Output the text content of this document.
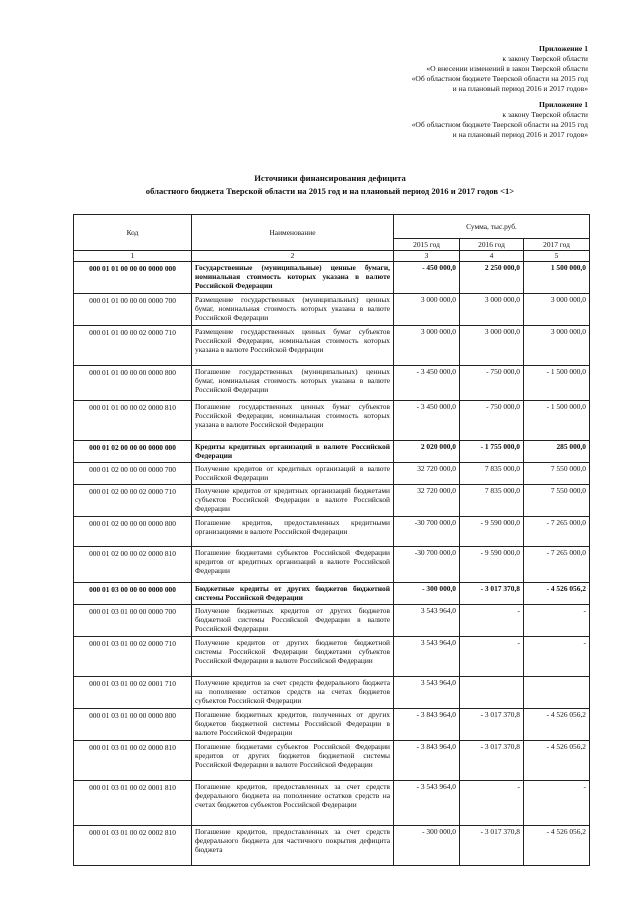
Приложение 1
к закону Тверской области
«О внесении изменений в закон Тверской области
«Об областном бюджете Тверской области на 2015 год
и на плановый период 2016 и 2017 годов»
Приложение 1
к закону Тверской области
«Об областном бюджете Тверской области на 2015 год
и на плановый период 2016 и 2017 годов»
Источники финансирования дефицита
областного бюджета Тверской области на 2015 год и на плановый период 2016 и 2017 годов <1>
Код	Наименование	Сумма, тыс.руб.		
		2015 год	2016 год	2017 год
1	2	3	4	5
000 01 01 00 00 00 0000 000	Государственные (муниципальные) ценные бумаги, номинальная стоимость которых указана в валюте Российской Федерации	- 450 000,0	2 250 000,0	1 500 000,0
000 01 01 00 00 00 0000 700	Размещение государственных (муниципальных) ценных бумаг, номинальная стоимость которых указана в валюте Российской Федерации	3 000 000,0	3 000 000,0	3 000 000,0
000 01 01 00 00 02 0000 710	Размещение государственных ценных бумаг субъектов Российской Федерации, номинальная стоимость которых указана в валюте Российской Федерации	3 000 000,0	3 000 000,0	3 000 000,0
000 01 01 00 00 00 0000 800	Погашение государственных (муниципальных) ценных бумаг, номинальная стоимость которых указана в валюте Российской Федерации	- 3 450 000,0	- 750 000,0	- 1 500 000,0
000 01 01 00 00 02 0000 810	Погашение государственных ценных бумаг субъектов Российской Федерации, номинальная стоимость которых указана в валюте Российской Федерации	- 3 450 000,0	- 750 000,0	- 1 500 000,0
000 01 02 00 00 00 0000 000	Кредиты кредитных организаций в валюте Российской Федерации	2 020 000,0	- 1 755 000,0	285 000,0
000 01 02 00 00 00 0000 700	Получение кредитов от кредитных организаций в валюте Российской Федерации	32 720 000,0	7 835 000,0	7 550 000,0
000 01 02 00 00 02 0000 710	Получение кредитов от кредитных организаций бюджетами субъектов Российской Федерации в валюте Российской Федерации	32 720 000,0	7 835 000,0	7 550 000,0
000 01 02 00 00 00 0000 800	Погашение кредитов, предоставленных кредитными организациями в валюте Российской Федерации	-30 700 000,0	- 9 590 000,0	- 7 265 000,0
000 01 02 00 00 02 0000 810	Погашение бюджетами субъектов Российской Федерации кредитов от кредитных организаций в валюте Российской Федерации	-30 700 000,0	- 9 590 000,0	- 7 265 000,0
000 01 03 00 00 00 0000 000	Бюджетные кредиты от других бюджетов бюджетной системы Российской Федерации	- 300 000,0	- 3 017 370,8	- 4 526 056,2
000 01 03 01 00 00 0000 700	Получение бюджетных кредитов от других бюджетов бюджетной системы Российской Федерации в валюте Российской Федерации	3 543 964,0	-	-
000 01 03 01 00 02 0000 710	Получение кредитов от других бюджетов бюджетной системы Российской Федерации бюджетами субъектов Российской Федерации в валюте Российской Федерации	3 543 964,0	-	-
000 01 03 01 00 02 0001 710	Получение кредитов за счет средств федерального бюджета на пополнение остатков средств на счетах бюджетов субъектов Российской Федерации	3 543 964,0		
000 01 03 01 00 00 0000 800	Погашение бюджетных кредитов, полученных от других бюджетов бюджетной системы Российской Федерации в валюте Российской Федерации	- 3 843 964,0	- 3 017 370,8	- 4 526 056,2
000 01 03 01 00 02 0000 810	Погашение бюджетами субъектов Российской Федерации кредитов от других бюджетов бюджетной системы Российской Федерации в валюте Российской Федерации	- 3 843 964,0	- 3 017 370,8	- 4 526 056,2
000 01 03 01 00 02 0001 810	Погашение кредитов, предоставленных за счет средств федерального бюджета на пополнение остатков средств на счетах бюджетов субъектов Российской Федерации	- 3 543 964,0	-	-
000 01 03 01 00 02 0002 810	Погашение кредитов, предоставленных за счет средств федерального бюджета для частичного покрытия дефицита бюджета	- 300 000,0	- 3 017 370,8	- 4 526 056,2
